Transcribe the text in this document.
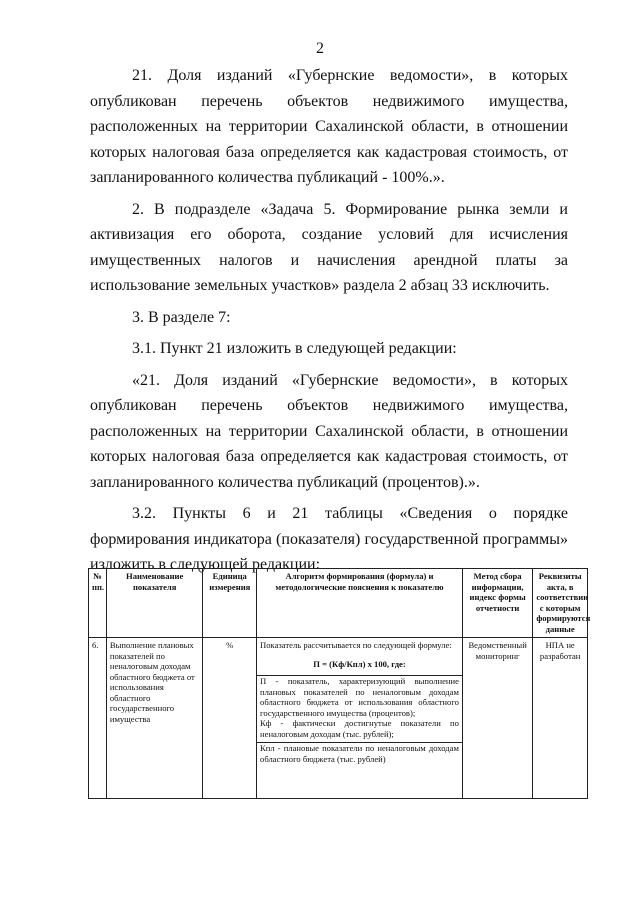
2

21. Доля изданий «Губернские ведомости», в которых опубликован перечень объектов недвижимого имущества, расположенных на территории Сахалинской области, в отношении которых налоговая база определяется как кадастровая стоимость, от запланированного количества публикаций - 100%.».

2. В подразделе «Задача 5. Формирование рынка земли и активизация его оборота, создание условий для исчисления имущественных налогов и начисления арендной платы за использование земельных участков» раздела 2 абзац 33 исключить.

3. В разделе 7:

3.1. Пункт 21 изложить в следующей редакции:

«21. Доля изданий «Губернские ведомости», в которых опубликован перечень объектов недвижимого имущества, расположенных на территории Сахалинской области, в отношении которых налоговая база определяется как кадастровая стоимость, от запланированного количества публикаций (процентов).».

3.2. Пункты 6 и 21 таблицы «Сведения о порядке формирования индикатора (показателя) государственной программы» изложить в следующей редакции:

№ пп.	Наименование показателя	Единица измерения	Алгоритм формирования (формула) и методологические пояснения к показателю	Метод сбора информации, индекс формы отчетности	Реквизиты акта, в соответствии с которым формируются данные
6.	Выполнение плановых показателей по неналоговым доходам областного бюджета от использования областного государственного имущества	%	Показатель рассчитывается по следующей формуле:

П = (Кф/Кпл) х 100, где:

П - показатель, характеризующий выполнение плановых показателей по неналоговым доходам областного бюджета от использования областного государственного имущества (процентов);

Кф - фактически достигнутые показатели по неналоговым доходам (тыс. рублей);

Кпл - плановые показатели по неналоговым доходам областного бюджета (тыс. рублей)	Ведомственный мониторинг	НПА не разработан
